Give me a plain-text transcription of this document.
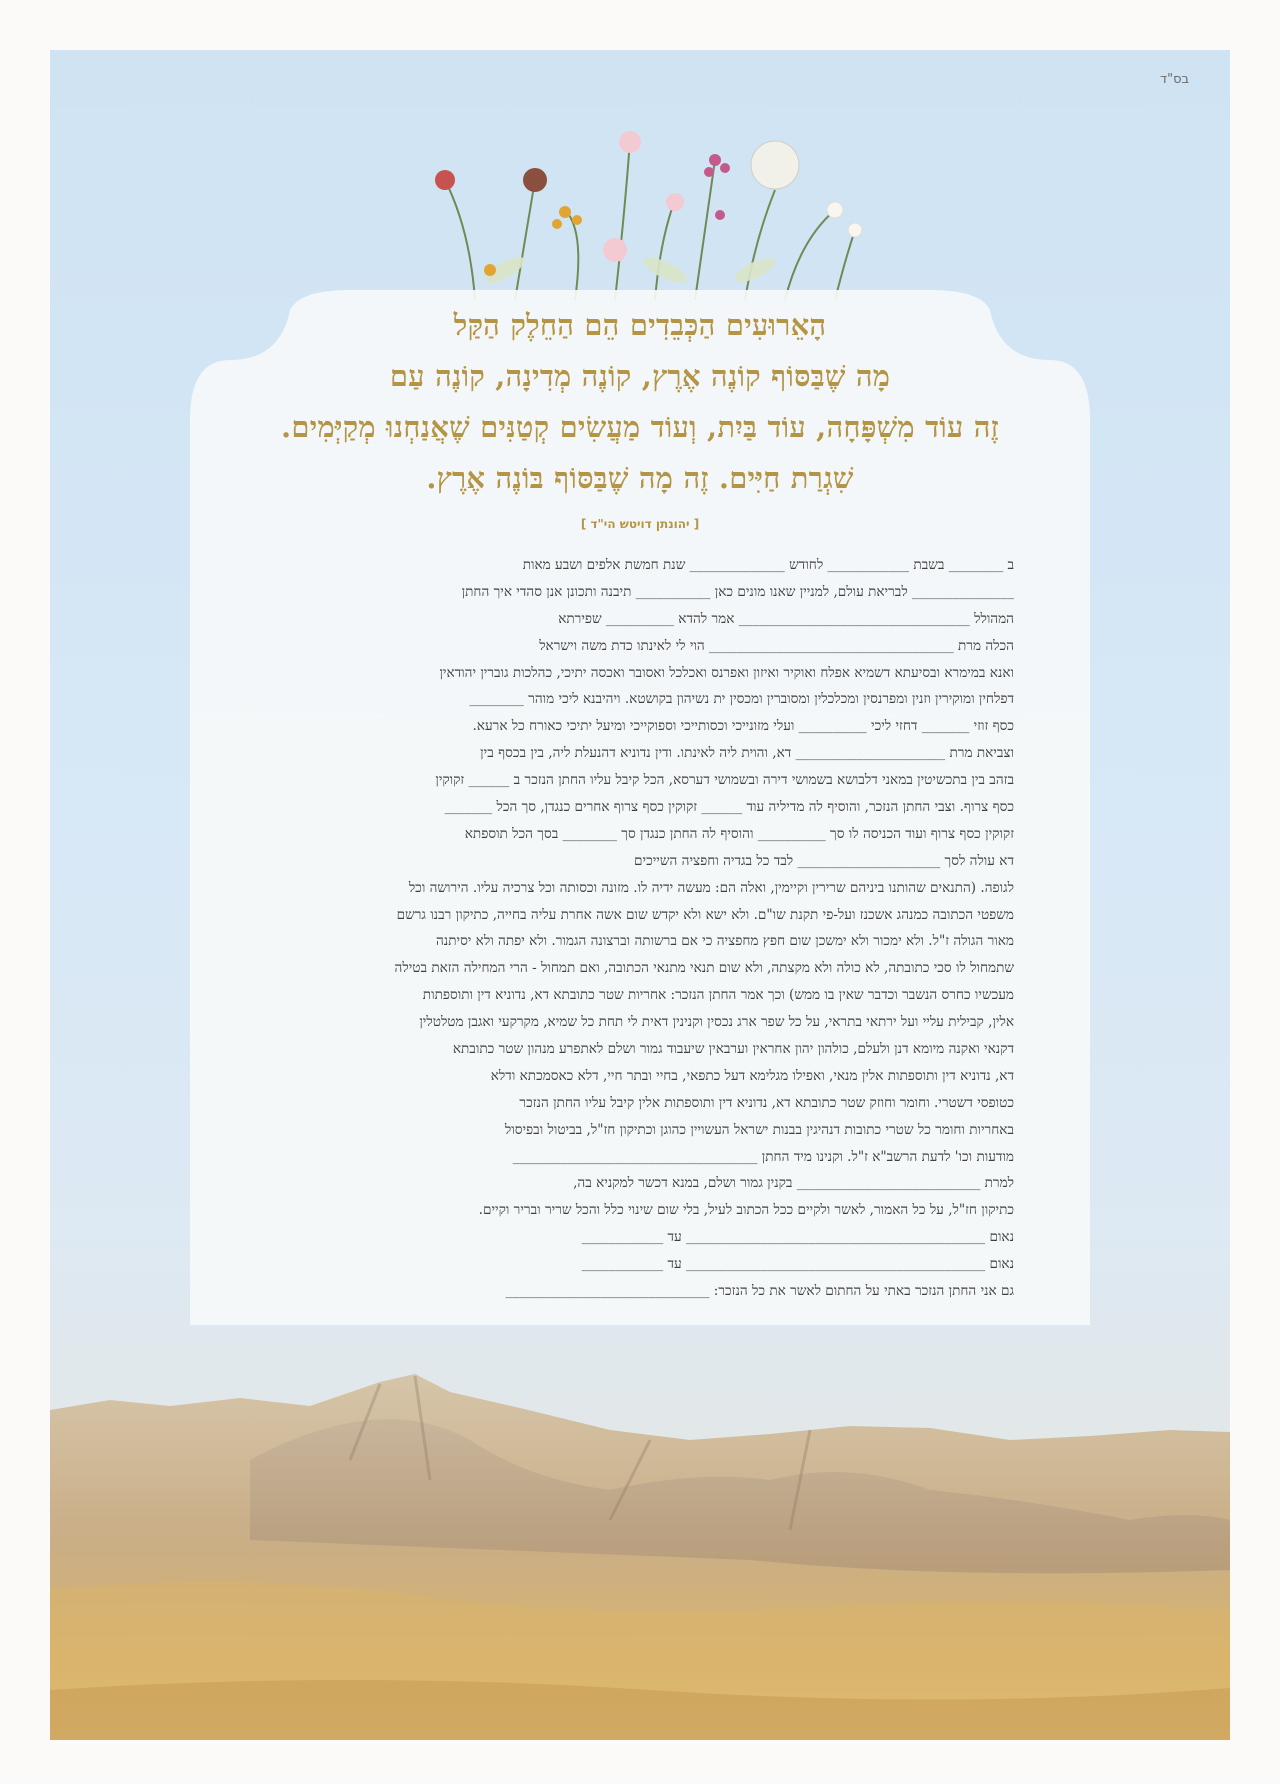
בס"ד
הָאֵרוּעִים הַכְּבֵדִים הֵם הַחֵלֶק הַקַּל
מָה שֶׁבַּסּוֹף קוֹנֶה אֶרֶץ, קוֹנֶה מְדִינָה, קוֹנֶה עַם
זֶה עוֹד מִשְׁפָּחָה, עוֹד בַּיִת, וְעוֹד מַעֲשִׂים קְטַנִּים שֶׁאֲנַחְנוּ מְקַיְּמִים.
שִׁגְרַת חַיִּים. זֶה מָה שֶׁבַּסּוֹף בּוֹנֶה אֶרֶץ.
[ יהונתן דויטש הי"ד ]
ב ________ בשבת ____________ לחודש ______________ שנת חמשת אלפים ושבע מאות
_______________ לבריאת עולם, למניין שאנו מונים כאן ___________ תיבנה ותכונן אנן סהדי איך החתן
המהולל __________________________________ אמר להדא __________ שפירתא
הכלה מרת ____________________________________ הוי לי לאינתו כדת משה וישראל
ואנא במימרא ובסיעתא דשמיא אפלח ואוקיר ואיזון ואפרנס ואכלכל ואסובר ואכסה יתיכי, כהלכות גוברין יהודאין
דפלחין ומוקירין וזנין ומפרנסין ומכלכלין ומסוברין ומכסין ית נשיהון בקושטא. ויהיבנא ליכי מוהר ________
כסף זוזי _______ דחזי ליכי __________ ועלי מזונייכי וכסותייכי וספוקייכי ומיעל יתיכי כאורח כל ארעא.
וצביאת מרת ______________________ דא, והוית ליה לאינתו. ודין נדוניא דהנעלת ליה, בין בכסף בין
בזהב בין בתכשיטין במאני דלבושא בשמושי דירה ובשמושי דערסא, הכל קיבל עליו החתן הנזכר ב ______ זקוקין
כסף צרוף. וצבי החתן הנזכר, והוסיף לה מדיליה עוד ______ זקוקין כסף צרוף אחרים כנגדן, סך הכל _______
זקוקין כסף צרוף ועוד הכניסה לו סך __________ והוסיף לה החתן כנגדן סך ________ בסך הכל תוספתא
דא עולה לסך _____________________ לבד כל בגדיה וחפציה השייכים
לגופה. (התנאים שהותנו ביניהם שרירין וקיימין, ואלה הם: מעשה ידיה לו. מזונה וכסותה וכל צרכיה עליו. הירושה וכל
משפטי הכתובה כמנהג אשכנז ועל-פי תקנת שו"ם. ולא ישא ולא יקדש שום אשה אחרת עליה בחייה, כתיקון רבנו גרשם
מאור הגולה ז"ל. ולא ימכור ולא ימשכן שום חפץ מחפציה כי אם ברשותה וברצונה הגמור. ולא יפתה ולא יסיתנה
שתמחול לו סכי כתובתה, לא כולה ולא מקצתה, ולא שום תנאי מתנאי הכתובה, ואם תמחול - הרי המחילה הזאת בטילה
מעכשיו כחרס הנשבר וכדבר שאין בו ממש) וכך אמר החתן הנזכר: אחריות שטר כתובתא דא, נדוניא דין ותוספתות
אלין, קבילית עליי ועל ירתאי בתראי, על כל שפר ארג נכסין וקנינין דאית לי תחת כל שמיא, מקרקעי ואגבן מטלטלין
דקנאי ואקנה מיומא דנן ולעלם, כולהון יהון אחראין וערבאין שיעבוד גמור ושלם לאתפרע מנהון שטר כתובתא
דא, נדוניא דין ותוספתות אלין מנאי, ואפילו מגלימא דעל כתפאי, בחיי ובתר חיי, דלא כאסמכתא ודלא
כטופסי דשטרי. וחומר וחוזק שטר כתובתא דא, נדוניא דין ותוספתות אלין קיבל עליו החתן הנזכר
באחריות וחומר כל שטרי כתובות דנהיגין בבנות ישראל העשויין כהוגן וכתיקון חז"ל, בביטול ובפיסול
מודעות וכו' לדעת הרשב"א ז"ל. וקנינו מיד החתן ____________________________________
למרת ___________________________ בקנין גמור ושלם, במנא דכשר למקניא בה,
כתיקון חז"ל, על כל האמור, לאשר ולקיים ככל הכתוב לעיל, בלי שום שינוי כלל והכל שריר ובריר וקיים.
נאום ____________________________________________ עד ____________
נאום ____________________________________________ עד ____________
גם אני החתן הנזכר באתי על החתום לאשר את כל הנזכר: ______________________________
